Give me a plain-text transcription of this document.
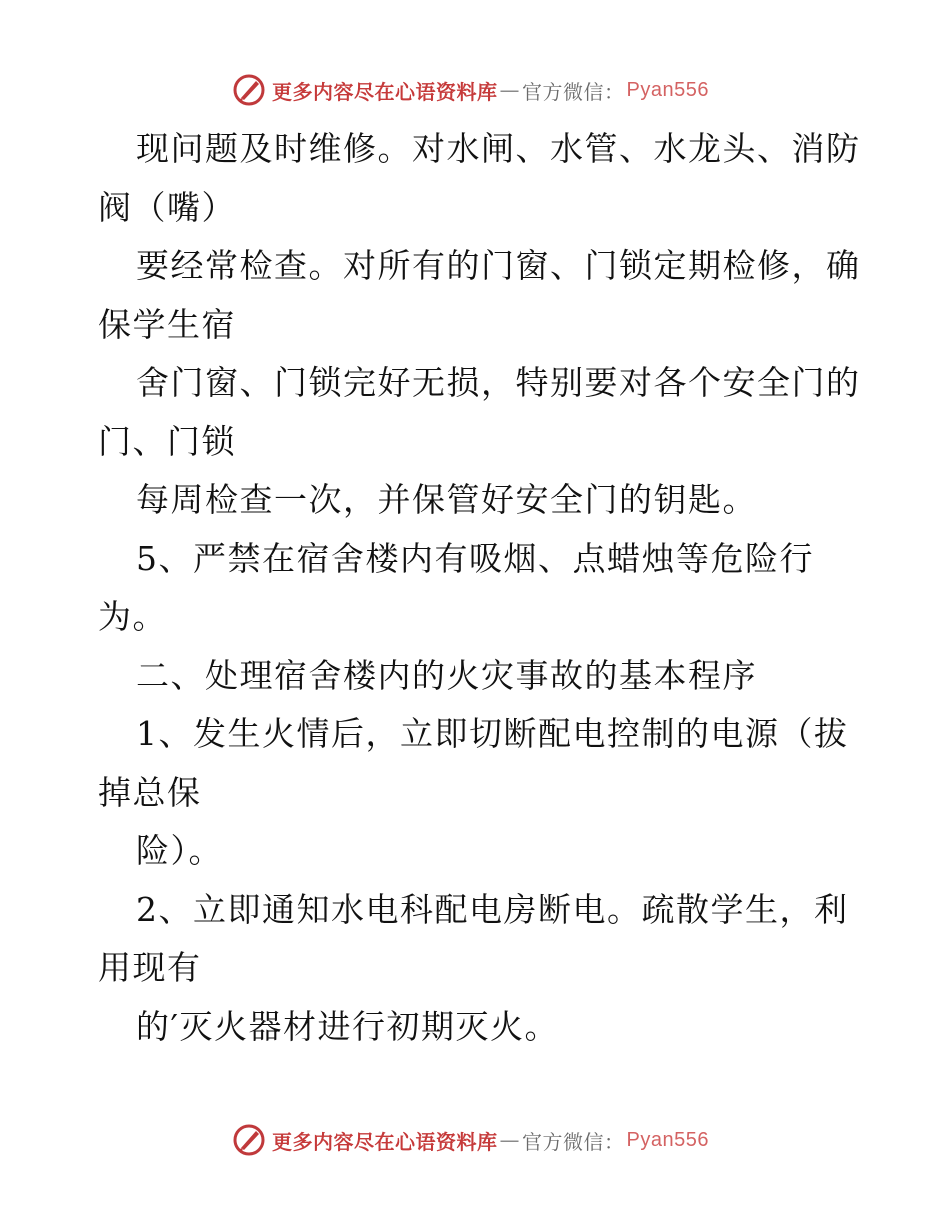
更多内容尽在心语资料库 — 官方微信： Pyan556
现问题及时维修。对水闸、水管、水龙头、消防
阀（嘴）
要经常检查。对所有的门窗、门锁定期检修，确
保学生宿
舍门窗、门锁完好无损，特别要对各个安全门的
门、门锁
每周检查一次，并保管好安全门的钥匙。
5、严禁在宿舍楼内有吸烟、点蜡烛等危险行
为。
二、处理宿舍楼内的火灾事故的基本程序
1、发生火情后，立即切断配电控制的电源（拔
掉总保
险）。
2、立即通知水电科配电房断电。疏散学生，利
用现有
的′灭火器材进行初期灭火。
更多内容尽在心语资料库 — 官方微信： Pyan556
